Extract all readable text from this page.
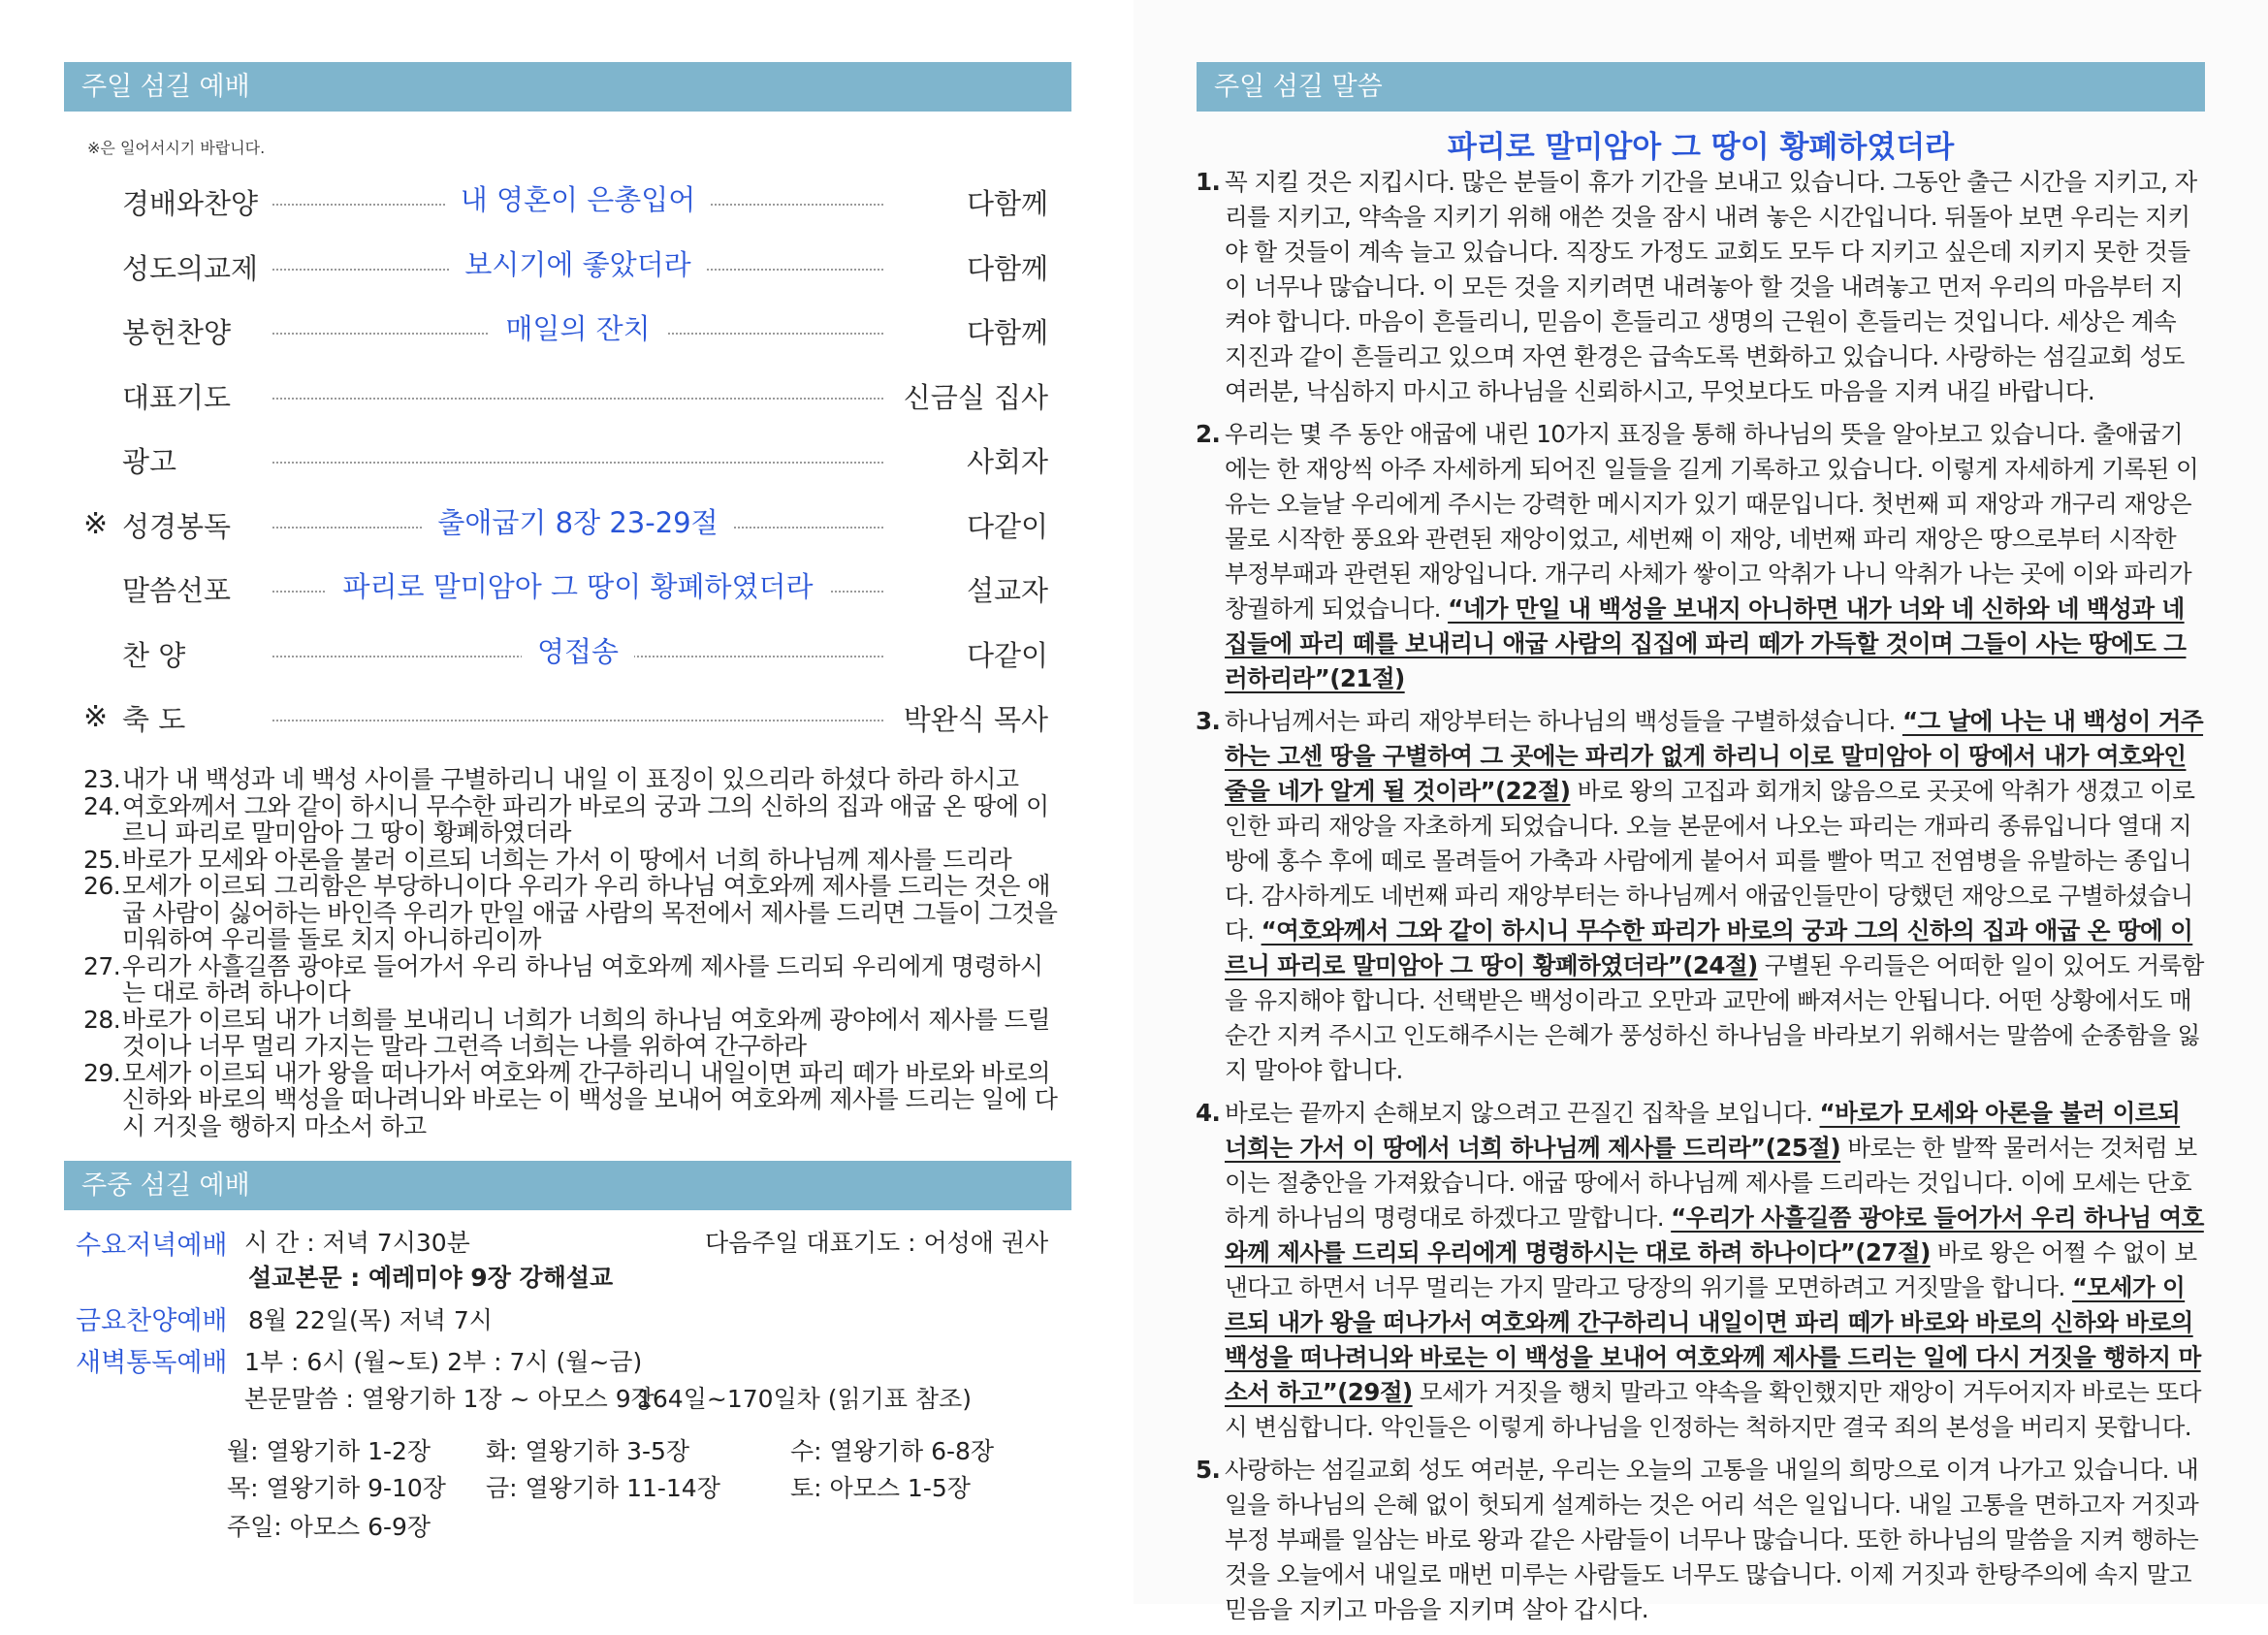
주일 섬길 예배
※은 일어서시기 바랍니다.
경배와찬양	내 영혼이 은총입어	다함께
성도의교제	보시기에 좋았더라	다함께
봉헌찬양	매일의 잔치	다함께
대표기도	신금실 집사
광고	사회자
※ 성경봉독	출애굽기 8장 23-29절	다같이
말씀선포	파리로 말미암아 그 땅이 황폐하였더라	설교자
찬 양	영접송	다같이
※ 축 도	박완식 목사
23. 내가 내 백성과 네 백성 사이를 구별하리니 내일 이 표징이 있으리라 하셨다 하라 하시고
24. 여호와께서 그와 같이 하시니 무수한 파리가 바로의 궁과 그의 신하의 집과 애굽 온 땅에 이르니 파리로 말미암아 그 땅이 황폐하였더라
25. 바로가 모세와 아론을 불러 이르되 너희는 가서 이 땅에서 너희 하나님께 제사를 드리라
26. 모세가 이르되 그리함은 부당하니이다 우리가 우리 하나님 여호와께 제사를 드리는 것은 애굽 사람이 싫어하는 바인즉 우리가 만일 애굽 사람의 목전에서 제사를 드리면 그들이 그것을 미워하여 우리를 돌로 치지 아니하리이까
27. 우리가 사흘길쯤 광야로 들어가서 우리 하나님 여호와께 제사를 드리되 우리에게 명령하시는 대로 하려 하나이다
28. 바로가 이르되 내가 너희를 보내리니 너희가 너희의 하나님 여호와께 광야에서 제사를 드릴 것이나 너무 멀리 가지는 말라 그런즉 너희는 나를 위하여 간구하라
29. 모세가 이르되 내가 왕을 떠나가서 여호와께 간구하리니 내일이면 파리 떼가 바로와 바로의 신하와 바로의 백성을 떠나려니와 바로는 이 백성을 보내어 여호와께 제사를 드리는 일에 다시 거짓을 행하지 마소서 하고
주중 섬길 예배
수요저녁예배 시 간 : 저녁 7시30분	다음주일 대표기도 : 어성애 권사
설교본문 : 예레미야 9장 강해설교
금요찬양예배 8월 22일(목) 저녁 7시
새벽통독예배 1부 : 6시 (월~토) 2부 : 7시 (월~금)
본문말씀 : 열왕기하 1장 ~ 아모스 9장
164일~170일차 (읽기표 참조)
월: 열왕기하 1-2장 화: 열왕기하 3-5장	수: 열왕기하 6-8장
목: 열왕기하 9-10장 금: 열왕기하 11-14장	토: 아모스 1-5장
주일: 아모스 6-9장
주일 섬길 말씀
파리로 말미암아 그 땅이 황폐하였더라
1. 꼭 지킬 것은 지킵시다. 많은 분들이 휴가 기간을 보내고 있습니다. 그동안 출근 시간을 지키고, 자리를 지키고, 약속을 지키기 위해 애쓴 것을 잠시 내려 놓은 시간입니다. 뒤돌아 보면 우리는 지키야 할 것들이 계속 늘고 있습니다. 직장도 가정도 교회도 모두 다 지키고 싶은데 지키지 못한 것들이 너무나 많습니다. 이 모든 것을 지키려면 내려놓아 할 것을 내려놓고 먼저 우리의 마음부터 지켜야 합니다. 마음이 흔들리니, 믿음이 흔들리고 생명의 근원이 흔들리는 것입니다. 세상은 계속 지진과 같이 흔들리고 있으며 자연 환경은 급속도록 변화하고 있습니다. 사랑하는 섬길교회 성도 여러분, 낙심하지 마시고 하나님을 신뢰하시고, 무엇보다도 마음을 지켜 내길 바랍니다.
2. 우리는 몇 주 동안 애굽에 내린 10가지 표징을 통해 하나님의 뜻을 알아보고 있습니다. 출애굽기에는 한 재앙씩 아주 자세하게 되어진 일들을 길게 기록하고 있습니다. 이렇게 자세하게 기록된 이유는 오늘날 우리에게 주시는 강력한 메시지가 있기 때문입니다. 첫번째 피 재앙과 개구리 재앙은 물로 시작한 풍요와 관련된 재앙이었고, 세번째 이 재앙, 네번째 파리 재앙은 땅으로부터 시작한 부정부패과 관련된 재앙입니다. 개구리 사체가 쌓이고 악취가 나니 악취가 나는 곳에 이와 파리가 창궐하게 되었습니다. “네가 만일 내 백성을 보내지 아니하면 내가 너와 네 신하와 네 백성과 네 집들에 파리 떼를 보내리니 애굽 사람의 집집에 파리 떼가 가득할 것이며 그들이 사는 땅에도 그러하리라”(21절)
3. 하나님께서는 파리 재앙부터는 하나님의 백성들을 구별하셨습니다. “그 날에 나는 내 백성이 거주하는 고센 땅을 구별하여 그 곳에는 파리가 없게 하리니 이로 말미암아 이 땅에서 내가 여호와인 줄을 네가 알게 될 것이라”(22절) 바로 왕의 고집과 회개치 않음으로 곳곳에 악취가 생겼고 이로 인한 파리 재앙을 자초하게 되었습니다. 오늘 본문에서 나오는 파리는 개파리 종류입니다 열대 지방에 홍수 후에 떼로 몰려들어 가축과 사람에게 붙어서 피를 빨아 먹고 전염병을 유발하는 종입니다. 감사하게도 네번째 파리 재앙부터는 하나님께서 애굽인들만이 당했던 재앙으로 구별하셨습니다. “여호와께서 그와 같이 하시니 무수한 파리가 바로의 궁과 그의 신하의 집과 애굽 온 땅에 이르니 파리로 말미암아 그 땅이 황폐하였더라”(24절) 구별된 우리들은 어떠한 일이 있어도 거룩함을 유지해야 합니다. 선택받은 백성이라고 오만과 교만에 빠져서는 안됩니다. 어떤 상황에서도 매순간 지켜 주시고 인도해주시는 은혜가 풍성하신 하나님을 바라보기 위해서는 말씀에 순종함을 잃지 말아야 합니다.
4. 바로는 끝까지 손해보지 않으려고 끈질긴 집착을 보입니다. “바로가 모세와 아론을 불러 이르되 너희는 가서 이 땅에서 너희 하나님께 제사를 드리라”(25절) 바로는 한 발짝 물러서는 것처럼 보이는 절충안을 가져왔습니다. 애굽 땅에서 하나님께 제사를 드리라는 것입니다. 이에 모세는 단호하게 하나님의 명령대로 하겠다고 말합니다. “우리가 사흘길쯤 광야로 들어가서 우리 하나님 여호와께 제사를 드리되 우리에게 명령하시는 대로 하려 하나이다”(27절) 바로 왕은 어쩔 수 없이 보낸다고 하면서 너무 멀리는 가지 말라고 당장의 위기를 모면하려고 거짓말을 합니다. “모세가 이르되 내가 왕을 떠나가서 여호와께 간구하리니 내일이면 파리 떼가 바로와 바로의 신하와 바로의 백성을 떠나려니와 바로는 이 백성을 보내어 여호와께 제사를 드리는 일에 다시 거짓을 행하지 마소서 하고”(29절) 모세가 거짓을 행치 말라고 약속을 확인했지만 재앙이 거두어지자 바로는 또다시 변심합니다. 악인들은 이렇게 하나님을 인정하는 척하지만 결국 죄의 본성을 버리지 못합니다.
5. 사랑하는 섬길교회 성도 여러분, 우리는 오늘의 고통을 내일의 희망으로 이겨 나가고 있습니다. 내일을 하나님의 은혜 없이 헛되게 설계하는 것은 어리 석은 일입니다. 내일 고통을 면하고자 거짓과 부정 부패를 일삼는 바로 왕과 같은 사람들이 너무나 많습니다. 또한 하나님의 말씀을 지켜 행하는 것을 오늘에서 내일로 매번 미루는 사람들도 너무도 많습니다. 이제 거짓과 한탕주의에 속지 말고 믿음을 지키고 마음을 지키며 살아 갑시다.
